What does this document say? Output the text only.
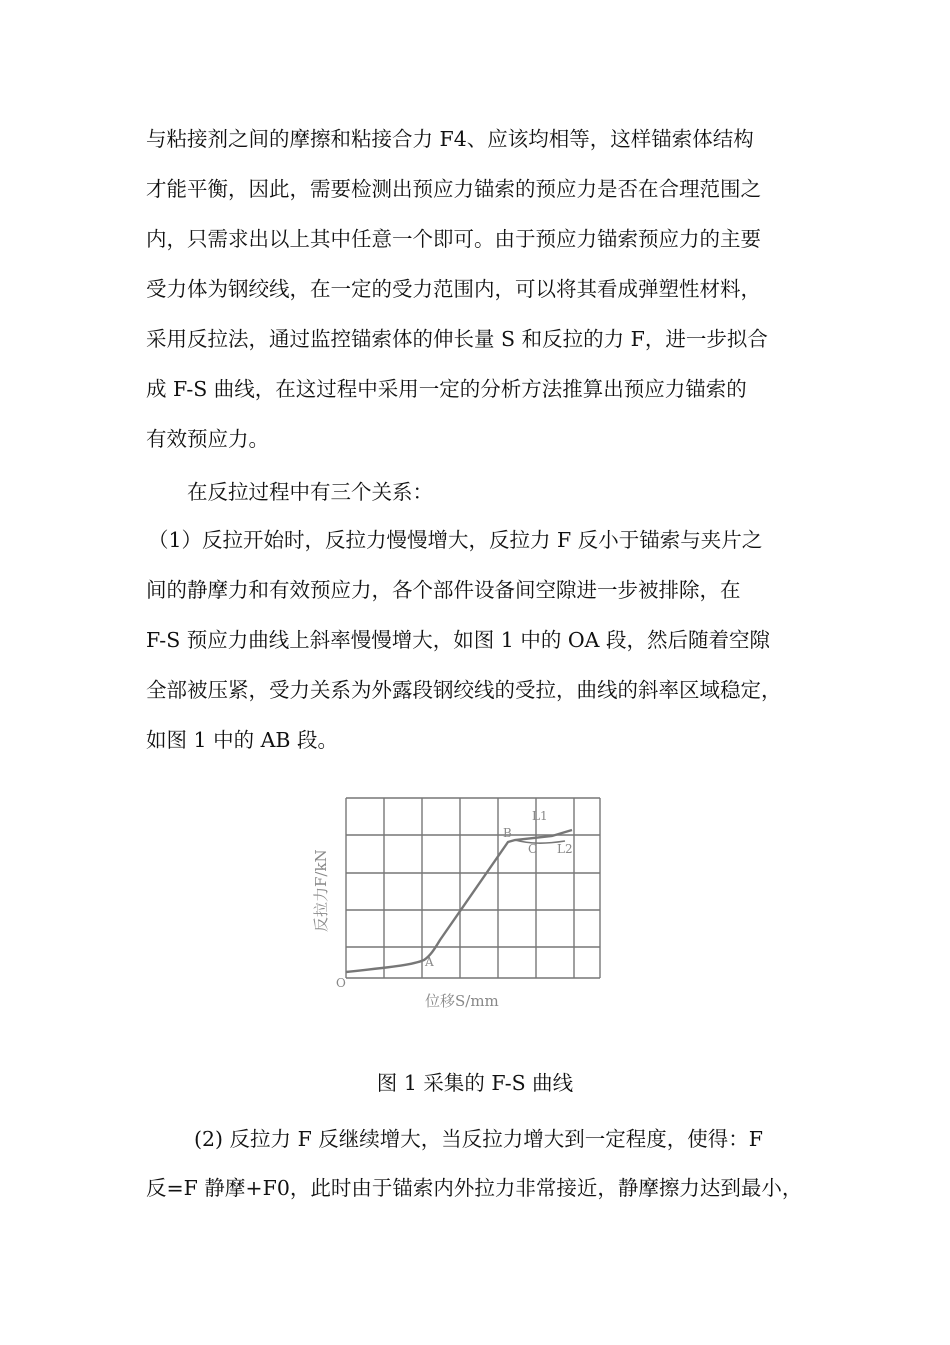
与粘接剂之间的摩擦和粘接合力 F4、应该均相等，这样锚索体结构
才能平衡，因此，需要检测出预应力锚索的预应力是否在合理范围之
内，只需求出以上其中任意一个即可。由于预应力锚索预应力的主要
受力体为钢绞线，在一定的受力范围内，可以将其看成弹塑性材料，
采用反拉法，通过监控锚索体的伸长量 S 和反拉的力 F，进一步拟合
成 F-S 曲线，在这过程中采用一定的分析方法推算出预应力锚索的
有效预应力。
在反拉过程中有三个关系：
（1）反拉开始时，反拉力慢慢增大，反拉力 F 反小于锚索与夹片之
间的静摩力和有效预应力，各个部件设备间空隙进一步被排除，在
F-S 预应力曲线上斜率慢慢增大，如图 1 中的 OA 段，然后随着空隙
全部被压紧，受力关系为外露段钢绞线的受拉，曲线的斜率区域稳定，
如图 1 中的 AB 段。
O
A
B
C
L1
L2
位移S/mm
反拉力F/kN
图 1 采集的 F-S 曲线
(2) 反拉力 F 反继续增大，当反拉力增大到一定程度，使得：F
反=F 静摩+F0，此时由于锚索内外拉力非常接近，静摩擦力达到最小，
